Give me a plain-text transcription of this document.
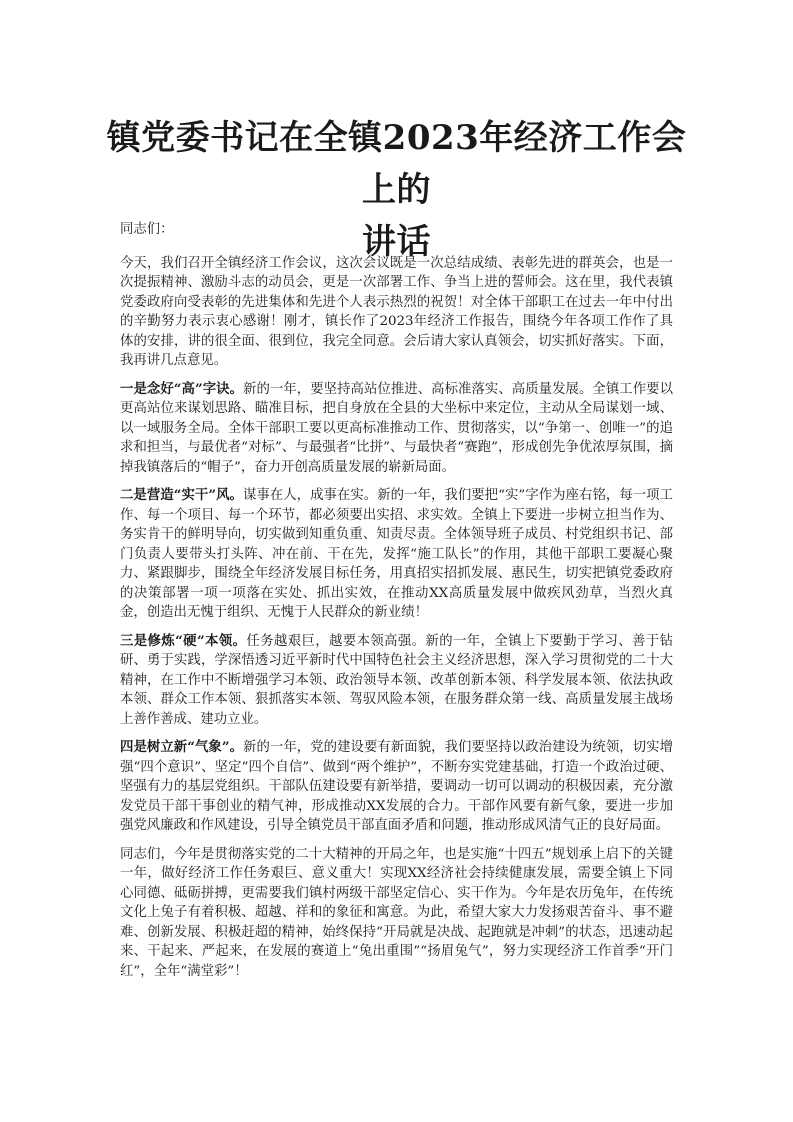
镇党委书记在全镇2023年经济工作会上的
讲话

同志们：

今天，我们召开全镇经济工作会议，这次会议既是一次总结成绩、表彰先进的群英会，也是一次提振精神、激励斗志的动员会，更是一次部署工作、争当上进的誓师会。这在里，我代表镇党委政府向受表彰的先进集体和先进个人表示热烈的祝贺！对全体干部职工在过去一年中付出的辛勤努力表示衷心感谢！刚才，镇长作了2023年经济工作报告，围绕今年各项工作作了具体的安排，讲的很全面、很到位，我完全同意。会后请大家认真领会，切实抓好落实。下面，我再讲几点意见。

一是念好“高”字诀。新的一年，要坚持高站位推进、高标准落实、高质量发展。全镇工作要以更高站位来谋划思路、瞄准目标，把自身放在全县的大坐标中来定位，主动从全局谋划一域、以一域服务全局。全体干部职工要以更高标准推动工作、贯彻落实，以“争第一、创唯一”的追求和担当，与最优者“对标”、与最强者“比拼”、与最快者“赛跑”，形成创先争优浓厚氛围，摘掉我镇落后的“帽子”，奋力开创高质量发展的崭新局面。

二是营造“实干”风。谋事在人，成事在实。新的一年，我们要把“实”字作为座右铭，每一项工作、每一个项目、每一个环节，都必须要出实招、求实效。全镇上下要进一步树立担当作为、务实肯干的鲜明导向，切实做到知重负重、知责尽责。全体领导班子成员、村党组织书记、部门负责人要带头打头阵、冲在前、干在先，发挥“施工队长”的作用，其他干部职工要凝心聚力、紧跟脚步，围绕全年经济发展目标任务，用真招实招抓发展、惠民生，切实把镇党委政府的决策部署一项一项落在实处、抓出实效，在推动XX高质量发展中做疾风劲草，当烈火真金，创造出无愧于组织、无愧于人民群众的新业绩！

三是修炼“硬”本领。任务越艰巨，越要本领高强。新的一年，全镇上下要勤于学习、善于钻研、勇于实践，学深悟透习近平新时代中国特色社会主义经济思想，深入学习贯彻党的二十大精神，在工作中不断增强学习本领、政治领导本领、改革创新本领、科学发展本领、依法执政本领、群众工作本领、狠抓落实本领、驾驭风险本领，在服务群众第一线、高质量发展主战场上善作善成、建功立业。

四是树立新“气象”。新的一年，党的建设要有新面貌，我们要坚持以政治建设为统领，切实增强“四个意识”、坚定“四个自信”、做到“两个维护”，不断夯实党建基础，打造一个政治过硬、坚强有力的基层党组织。干部队伍建设要有新举措，要调动一切可以调动的积极因素，充分激发党员干部干事创业的精气神，形成推动XX发展的合力。干部作风要有新气象，要进一步加强党风廉政和作风建设，引导全镇党员干部直面矛盾和问题，推动形成风清气正的良好局面。

同志们，今年是贯彻落实党的二十大精神的开局之年，也是实施“十四五”规划承上启下的关键一年，做好经济工作任务艰巨、意义重大！实现XX经济社会持续健康发展，需要全镇上下同心同德、砥砺拼搏，更需要我们镇村两级干部坚定信心、实干作为。今年是农历兔年，在传统文化上兔子有着积极、超越、祥和的象征和寓意。为此，希望大家大力发扬艰苦奋斗、事不避难、创新发展、积极赶超的精神，始终保持“开局就是决战、起跑就是冲刺”的状态，迅速动起来、干起来、严起来，在发展的赛道上“兔出重围”“扬眉兔气”，努力实现经济工作首季“开门红”，全年“满堂彩”！
